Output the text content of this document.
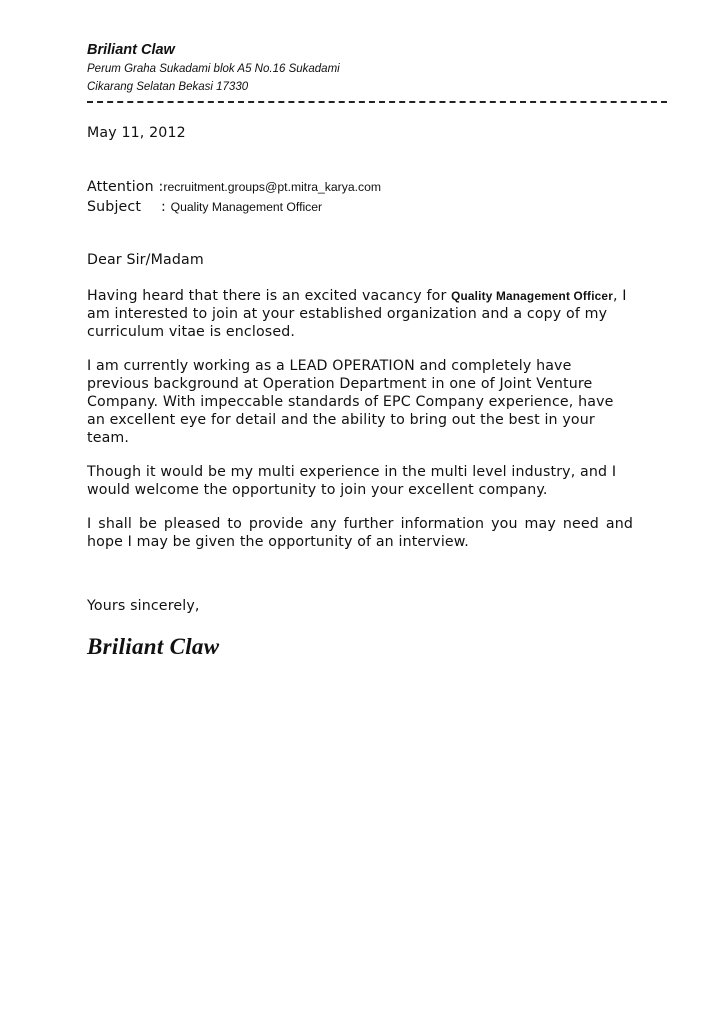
Briliant Claw
Perum Graha Sukadami blok A5 No.16 Sukadami
Cikarang Selatan Bekasi 17330
May 11, 2012
Attention :recruitment.groups@pt.mitra_karya.com
Subject : Quality Management Officer
Dear Sir/Madam

Having heard that there is an excited vacancy for Quality Management Officer, I am interested to join at your established organization and a copy of my curriculum vitae is enclosed.

I am currently working as a LEAD OPERATION and completely have
previous background at Operation Department in one of Joint Venture
Company. With impeccable standards of EPC Company experience, have
an excellent eye for detail and the ability to bring out the best in your
team.

Though it would be my multi experience in the multi level industry, and I
would welcome the opportunity to join your excellent company.

I shall be pleased to provide any further information you may need and hope I may be given the opportunity of an interview.

Yours sincerely,
Briliant Claw
